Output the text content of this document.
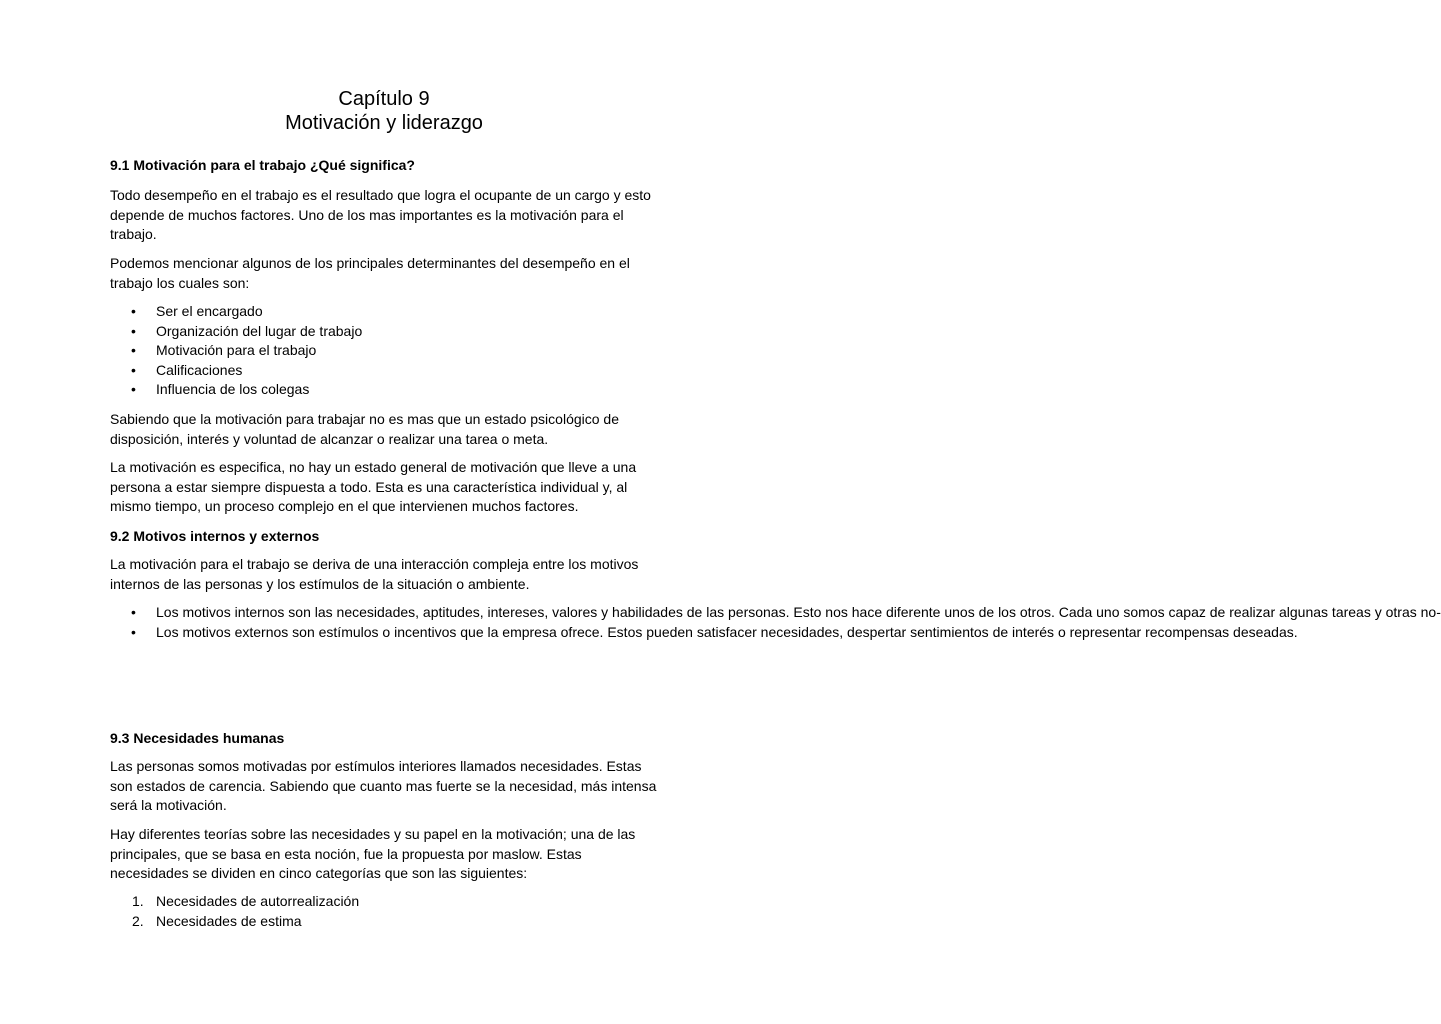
Capítulo 9
Motivación y liderazgo
9.1 Motivación para el trabajo ¿Qué significa?
Todo desempeño en el trabajo es el resultado que logra el ocupante de un cargo y esto
depende de muchos factores. Uno de los mas importantes es la motivación para el
trabajo.
Podemos mencionar algunos de los principales determinantes del desempeño en el
trabajo los cuales son:
• Ser el encargado
• Organización del lugar de trabajo
• Motivación para el trabajo
• Calificaciones
• Influencia de los colegas
Sabiendo que la motivación para trabajar no es mas que un estado psicológico de
disposición, interés y voluntad de alcanzar o realizar una tarea o meta.
La motivación es especifica, no hay un estado general de motivación que lleve a una
persona a estar siempre dispuesta a todo. Esta es una característica individual y, al
mismo tiempo, un proceso complejo en el que intervienen muchos factores.
9.2 Motivos internos y externos
La motivación para el trabajo se deriva de una interacción compleja entre los motivos
internos de las personas y los estímulos de la situación o ambiente.
• Los motivos internos son las necesidades, aptitudes, intereses, valores y habilidades de las personas. Esto nos hace diferente unos de los otros. Cada uno somos capaz de realizar algunas tareas y otras no-
• Los motivos externos son estímulos o incentivos que la empresa ofrece. Estos pueden satisfacer necesidades, despertar sentimientos de interés o representar recompensas deseadas.
9.3 Necesidades humanas
Las personas somos motivadas por estímulos interiores llamados necesidades. Estas
son estados de carencia. Sabiendo que cuanto mas fuerte se la necesidad, más intensa
será la motivación.
Hay diferentes teorías sobre las necesidades y su papel en la motivación; una de las
principales, que se basa en esta noción, fue la propuesta por maslow. Estas
necesidades se dividen en cinco categorías que son las siguientes:
1. Necesidades de autorrealización
2. Necesidades de estima
